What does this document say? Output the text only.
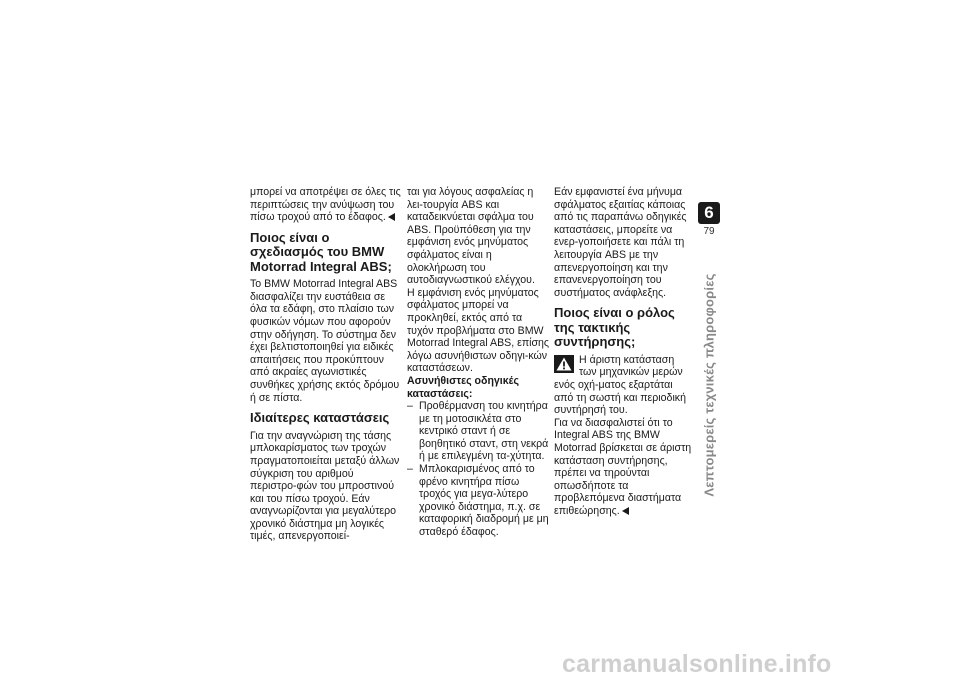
μπορεί να αποτρέψει σε όλες τις περιπτώσεις την ανύψωση του πίσω τροχού από το έδαφος.

Ποιος είναι ο σχεδιασμός του BMW Motorrad Integral ABS;

Το BMW Motorrad Integral ABS διασφαλίζει την ευστάθεια σε όλα τα εδάφη, στο πλαίσιο των φυσικών νόμων που αφορούν στην οδήγηση. Το σύστημα δεν έχει βελτιστοποιηθεί για ειδικές απαιτήσεις που προκύπτουν από ακραίες αγωνιστικές συνθήκες χρήσης εκτός δρόμου ή σε πίστα.

Ιδιαίτερες καταστάσεις

Για την αναγνώριση της τάσης μπλοκαρίσματος των τροχών πραγματοποιείται μεταξύ άλλων σύγκριση του αριθμού περιστρο-φών του μπροστινού και του πίσω τροχού. Εάν αναγνωρίζονται για μεγαλύτερο χρονικό διάστημα μη λογικές τιμές, απενεργοποιεί-

ται για λόγους ασφαλείας η λει-τουργία ABS και καταδεικνύεται σφάλμα του ABS. Προϋπόθεση για την εμφάνιση ενός μηνύματος σφάλματος είναι η ολοκλήρωση του αυτοδιαγνωστικού ελέγχου.

Η εμφάνιση ενός μηνύματος σφάλματος μπορεί να προκληθεί, εκτός από τα τυχόν προβλήματα στο BMW Motorrad Integral ABS, επίσης λόγω ασυνήθιστων οδηγι-κών καταστάσεων.

Ασυνήθιστες οδηγικές καταστάσεις:

– Προθέρμανση του κινητήρα με τη μοτοσικλέτα στο κεντρικό σταντ ή σε βοηθητικό σταντ, στη νεκρά ή με επιλεγμένη τα-χύτητα.

– Μπλοκαρισμένος από το φρένο κινητήρα πίσω τροχός για μεγα-λύτερο χρονικό διάστημα, π.χ. σε καταφορική διαδρομή με μη σταθερό έδαφος.

Εάν εμφανιστεί ένα μήνυμα σφάλματος εξαιτίας κάποιας από τις παραπάνω οδηγικές καταστάσεις, μπορείτε να ενερ-γοποιήσετε και πάλι τη λειτουργία ABS με την απενεργοποίηση και την επανενεργοποίηση του συστήματος ανάφλεξης.

Ποιος είναι ο ρόλος της τακτικής συντήρησης;

Η άριστη κατάσταση των μηχανικών μερών ενός οχή-ματος εξαρτάται από τη σωστή και περιοδική συντήρησή του.

Για να διασφαλιστεί ότι το Integral ABS της BMW Motorrad βρίσκεται σε άριστη κατάσταση συντήρησης, πρέπει να τηρούνται οπωσδήποτε τα προβλεπόμενα διαστήματα επιθεώρησης.

6
79
Λεπτομερείς τεχνικές πληροφορίες
carmanualsonline.info
